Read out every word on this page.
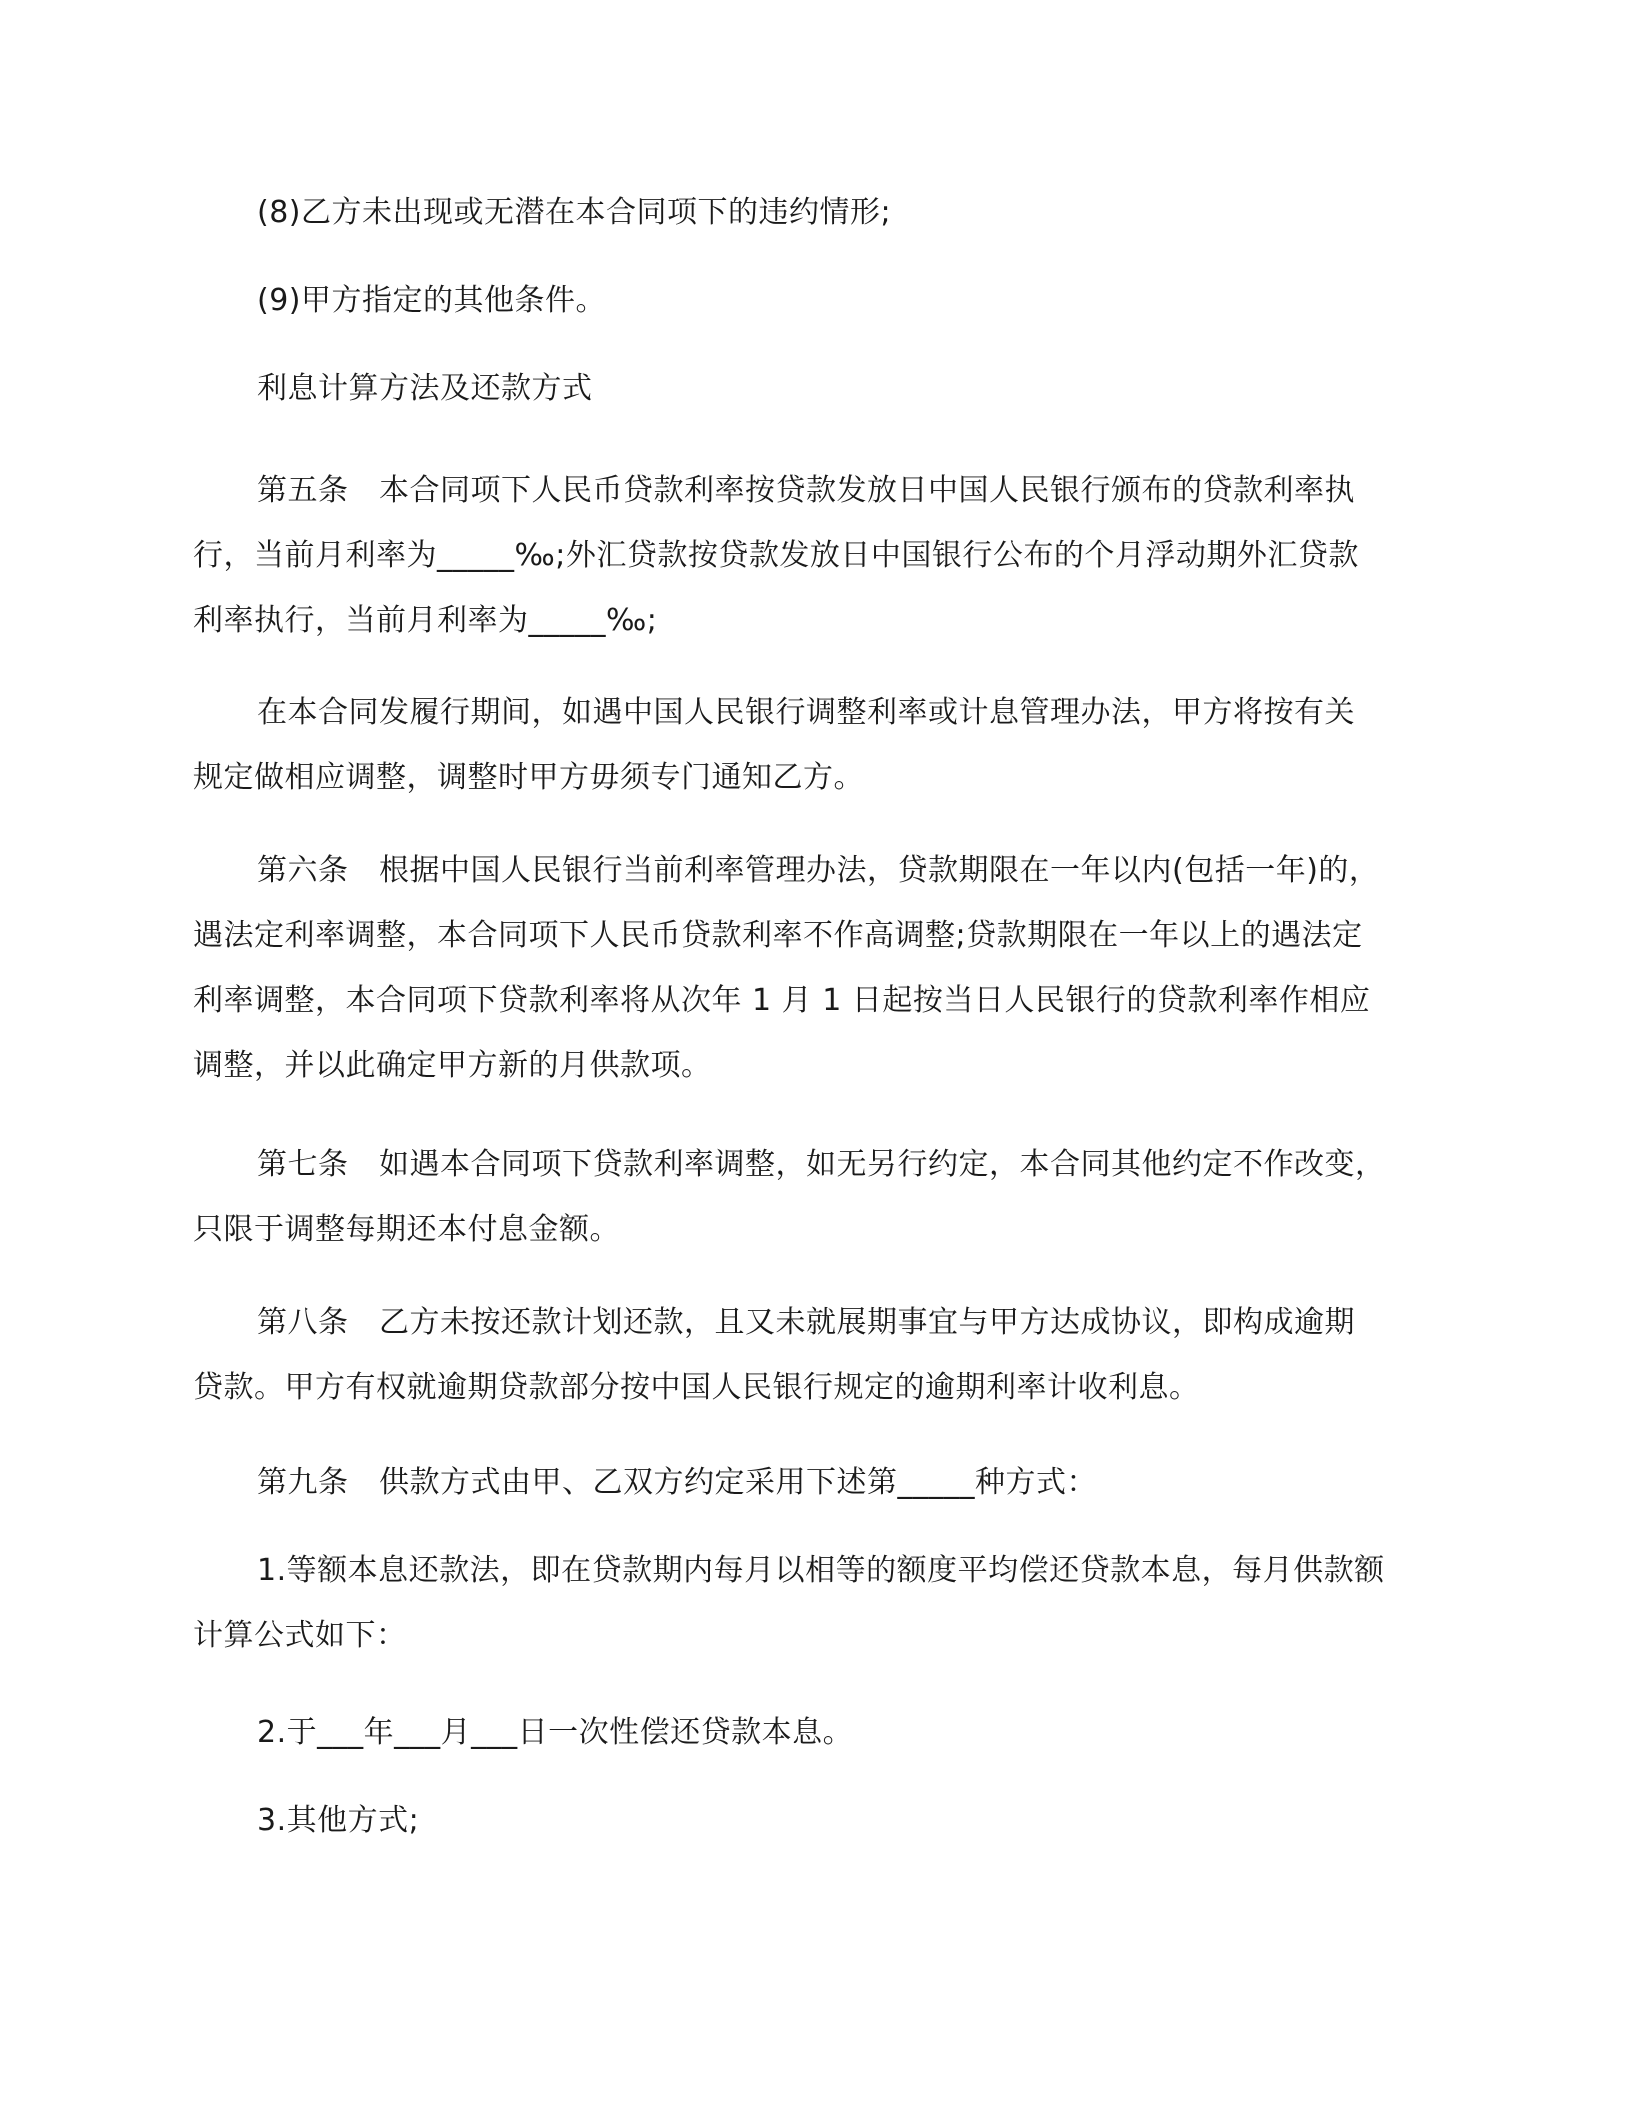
(8)乙方未出现或无潜在本合同项下的违约情形;
(9)甲方指定的其他条件。
利息计算方法及还款方式
第五条　本合同项下人民币贷款利率按贷款发放日中国人民银行颁布的贷款利率执
行，当前月利率为_____‰;外汇贷款按贷款发放日中国银行公布的个月浮动期外汇贷款
利率执行，当前月利率为_____‰;
在本合同发履行期间，如遇中国人民银行调整利率或计息管理办法，甲方将按有关
规定做相应调整，调整时甲方毋须专门通知乙方。
第六条　根据中国人民银行当前利率管理办法，贷款期限在一年以内(包括一年)的，
遇法定利率调整，本合同项下人民币贷款利率不作高调整;贷款期限在一年以上的遇法定
利率调整，本合同项下贷款利率将从次年 1 月 1 日起按当日人民银行的贷款利率作相应
调整，并以此确定甲方新的月供款项。
第七条　如遇本合同项下贷款利率调整，如无另行约定，本合同其他约定不作改变，
只限于调整每期还本付息金额。
第八条　乙方未按还款计划还款，且又未就展期事宜与甲方达成协议，即构成逾期
贷款。甲方有权就逾期贷款部分按中国人民银行规定的逾期利率计收利息。
第九条　供款方式由甲、乙双方约定采用下述第_____种方式：
1.等额本息还款法，即在贷款期内每月以相等的额度平均偿还贷款本息，每月供款额
计算公式如下：
2.于___年___月___日一次性偿还贷款本息。
3.其他方式;
